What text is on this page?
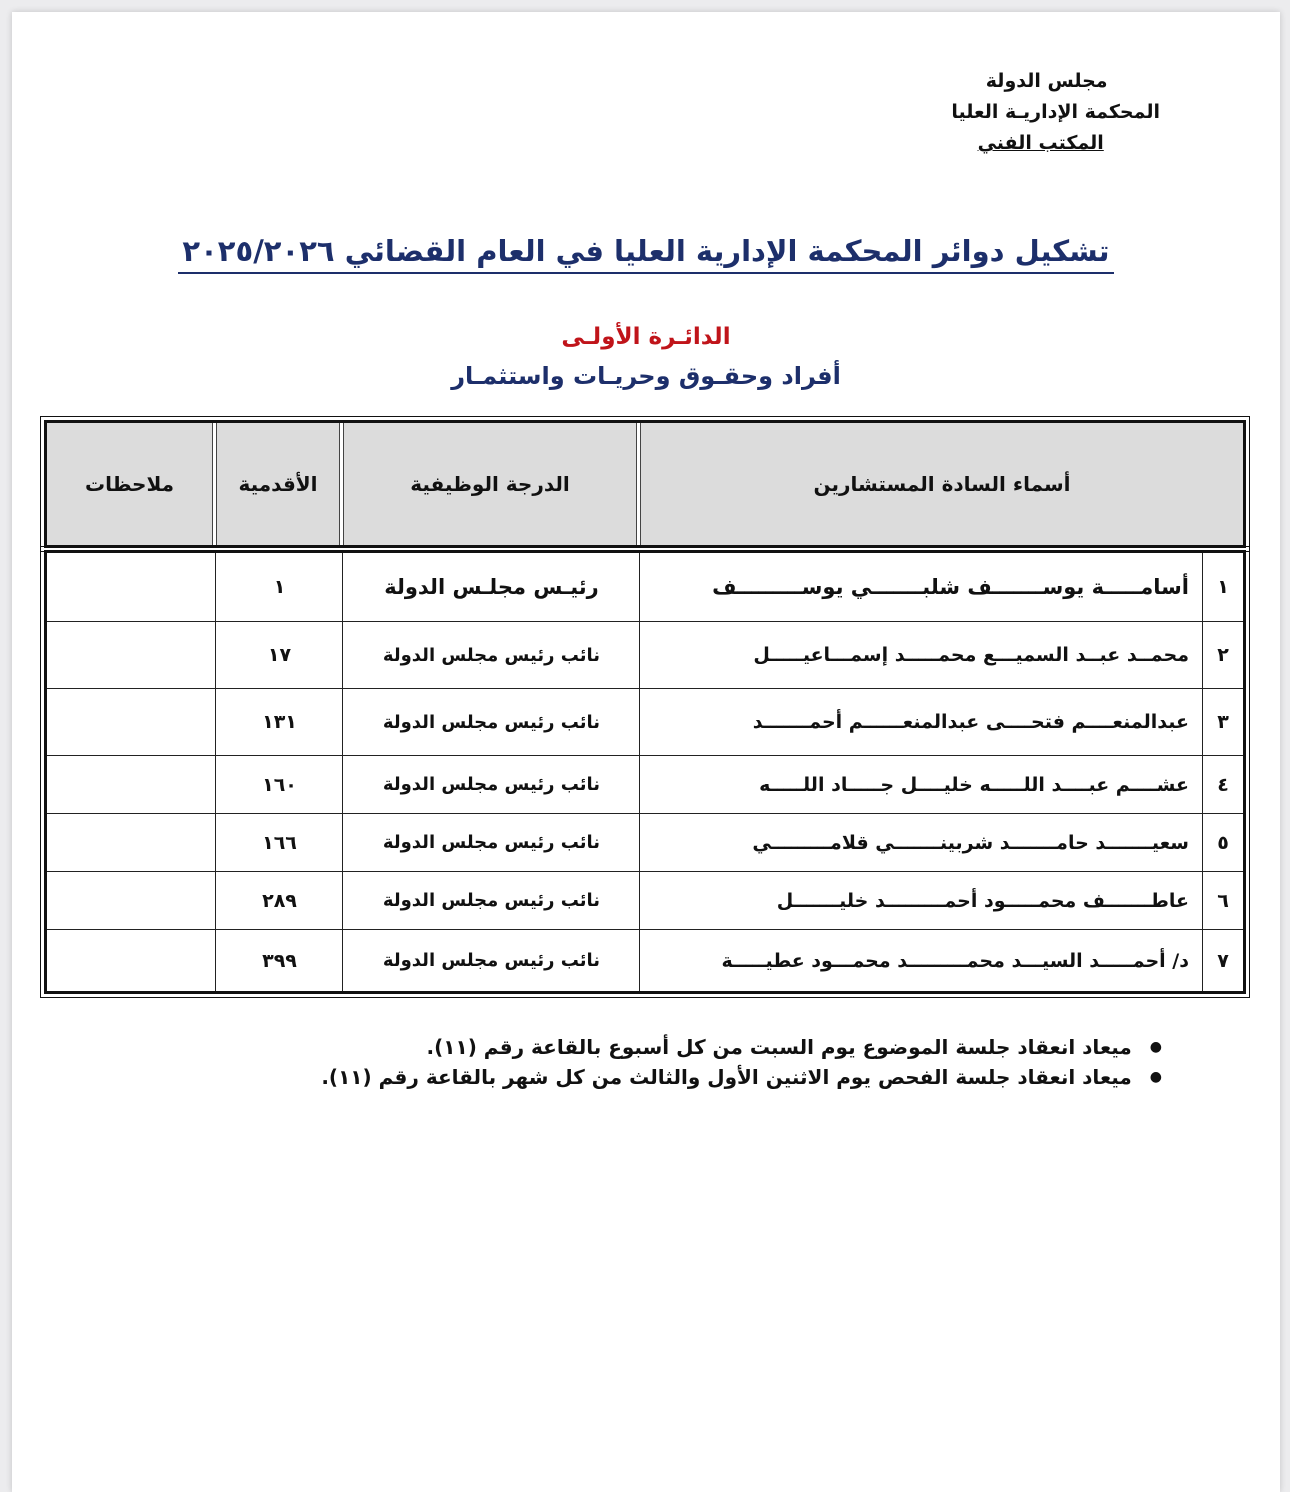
مجلس الدولة
المحكمة الإداريـة العليا
المكتب الفني
تشكيل دوائر المحكمة الإدارية العليا في العام القضائي ٢٠٢٥/٢٠٢٦
الدائـرة الأولـى
أفراد وحقـوق وحريـات واستثمـار
أسماء السادة المستشارين
الدرجة الوظيفية
الأقدمية
ملاحظات
١
أسامـــــة يوســـــــف شلبـــــــي يوســـــــــف
رئيـس مجلـس الدولة
١
٢
محمــد عبــد السميـــع محمـــــد إسمـــاعيـــــل
نائب رئيس مجلس الدولة
١٧
٣
عبدالمنعــــم فتحــــى عبدالمنعــــــم أحمـــــــد
نائب رئيس مجلس الدولة
١٣١
٤
عشــــم عبــــد اللـــــه خليــــل جـــــاد اللـــــه
نائب رئيس مجلس الدولة
١٦٠
٥
سعيـــــــد حامـــــــد شربينـــــــي قلامـــــــــي
نائب رئيس مجلس الدولة
١٦٦
٦
عاطـــــــف محمـــــود أحمـــــــــد خليـــــــل
نائب رئيس مجلس الدولة
٢٨٩
٧
د/ أحمـــــد السيـــد محمـــــــــد محمـــود عطيـــــة
نائب رئيس مجلس الدولة
٣٩٩
●
ميعاد انعقاد جلسة الموضوع يوم السبت من كل أسبوع بالقاعة رقم (١١).
●
ميعاد انعقاد جلسة الفحص يوم الاثنين الأول والثالث من كل شهر بالقاعة رقم (١١).
